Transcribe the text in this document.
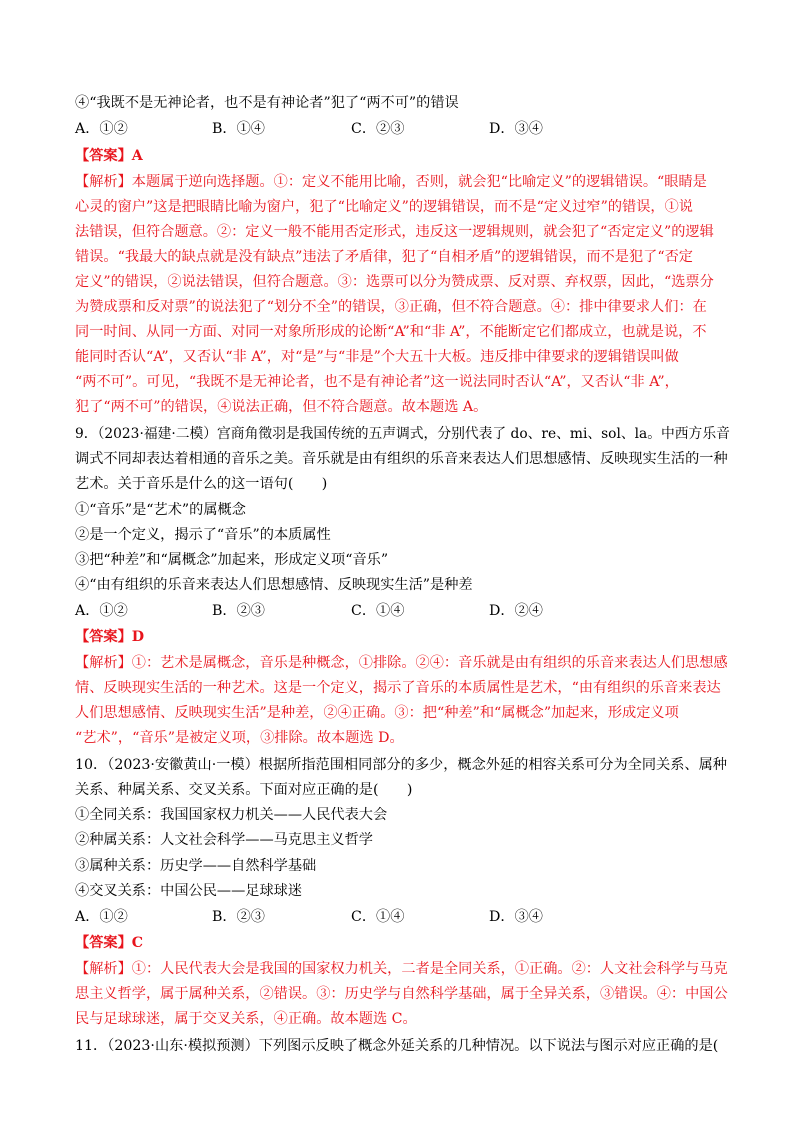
④“我既不是无神论者，也不是有神论者”犯了“两不可”的错误
A．①②	B．①④	C．②③	D．③④
【答案】A
【解析】本题属于逆向选择题。①：定义不能用比喻，否则，就会犯“比喻定义”的逻辑错误。“眼睛是
心灵的窗户”这是把眼睛比喻为窗户，犯了“比喻定义”的逻辑错误，而不是“定义过窄”的错误，①说
法错误，但符合题意。②：定义一般不能用否定形式，违反这一逻辑规则，就会犯了“否定定义”的逻辑
错误。“我最大的缺点就是没有缺点”违法了矛盾律，犯了“自相矛盾”的逻辑错误，而不是犯了“否定
定义”的错误，②说法错误，但符合题意。③：选票可以分为赞成票、反对票、弃权票，因此，“选票分
为赞成票和反对票”的说法犯了“划分不全”的错误，③正确，但不符合题意。④：排中律要求人们：在
同一时间、从同一方面、对同一对象所形成的论断“A”和“非 A”，不能断定它们都成立，也就是说，不
能同时否认“A”，又否认“非 A”，对“是”与“非是”个大五十大板。违反排中律要求的逻辑错误叫做
“两不可”。可见，“我既不是无神论者，也不是有神论者”这一说法同时否认“A”，又否认“非 A”，
犯了“两不可”的错误，④说法正确，但不符合题意。故本题选 A。
9．（2023·福建·二模）宫商角徵羽是我国传统的五声调式，分别代表了 do、re、mi、sol、la。中西方乐音
调式不同却表达着相通的音乐之美。音乐就是由有组织的乐音来表达人们思想感情、反映现实生活的一种
艺术。关于音乐是什么的这一语句(　　)
①“音乐”是“艺术”的属概念
②是一个定义，揭示了“音乐”的本质属性
③把“种差”和“属概念”加起来，形成定义项“音乐”
④“由有组织的乐音来表达人们思想感情、反映现实生活”是种差
A．①②	B．②③	C．①④	D．②④
【答案】D
【解析】①：艺术是属概念，音乐是种概念，①排除。②④：音乐就是由有组织的乐音来表达人们思想感
情、反映现实生活的一种艺术。这是一个定义，揭示了音乐的本质属性是艺术，“由有组织的乐音来表达
人们思想感情、反映现实生活”是种差，②④正确。③：把“种差”和“属概念”加起来，形成定义项
“艺术”，“音乐”是被定义项，③排除。故本题选 D。
10．（2023·安徽黄山·一模）根据所指范围相同部分的多少，概念外延的相容关系可分为全同关系、属种
关系、种属关系、交叉关系。下面对应正确的是(　　)
①全同关系：我国国家权力机关——人民代表大会
②种属关系：人文社会科学——马克思主义哲学
③属种关系：历史学——自然科学基础
④交叉关系：中国公民——足球球迷
A．①②	B．②③	C．①④	D．③④
【答案】C
【解析】①：人民代表大会是我国的国家权力机关，二者是全同关系，①正确。②：人文社会科学与马克
思主义哲学，属于属种关系，②错误。③：历史学与自然科学基础，属于全异关系，③错误。④：中国公
民与足球球迷，属于交叉关系，④正确。故本题选 C。
11．（2023·山东·模拟预测）下列图示反映了概念外延关系的几种情况。以下说法与图示对应正确的是(
